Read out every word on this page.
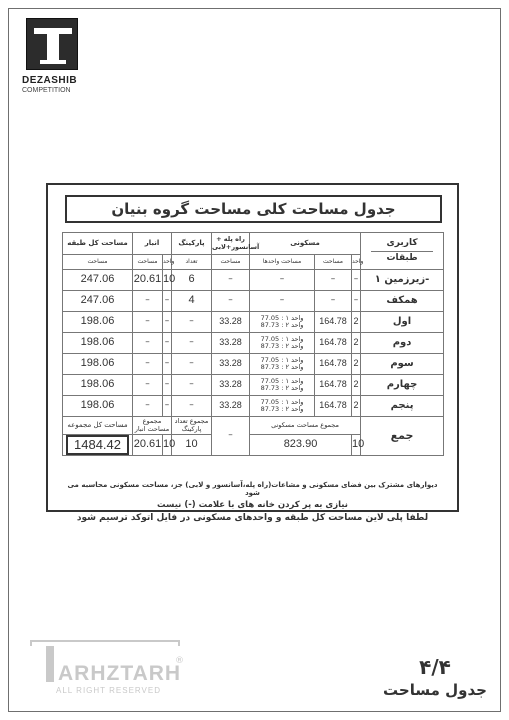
DEZASHIB
COMPETITION
جدول مساحت کلی مساحت گروه بنیان
مساحت کل طبقه	انبار		پارکینگ	راه پله + آسانسور+لابی	مسکونی			کاربری
طبقات

مساحت	مساحت	واحد	تعداد	مساحت	مساحت واحدها	مساحت	واحد	
247.06	20.61	10	6	–	–	–	–	زیرزمین ۱-
247.06	–	–	4	–	–	–	–	همکف
198.06	–	–	–	33.28	واحد ۱ : 77.05
واحد ۲ : 87.73	164.78	2	اول
198.06	–	–	–	33.28	واحد ۱ : 77.05
واحد ۲ : 87.73	164.78	2	دوم
198.06	–	–	–	33.28	واحد ۱ : 77.05
واحد ۲ : 87.73	164.78	2	سوم
198.06	–	–	–	33.28	واحد ۱ : 77.05
واحد ۲ : 87.73	164.78	2	چهارم
198.06	–	–	–	33.28	واحد ۱ : 77.05
واحد ۲ : 87.73	164.78	2	پنجم
مساحت کل مجموعه	مجموع مساحت انبار		مجموع تعداد پارکینگ	–	مجموع مساحت مسکونی			جمع
1484.42	20.61	10	10		823.90		10	
دیوارهای مشترک بین فضای مسکونی و مشاعات(راه پله،آسانسور و لابی) جز، مساحت مسکونی محاسبه می شود
نیازی به پر کردن خانه های با علامت (-) نیست
لطفا پلی لاین مساحت کل طبقه و واحدهای مسکونی در فایل اتوکد ترسیم شود
ARHZTARH
®
ALL RIGHT RESERVED
۴/۴
جدول مساحت
